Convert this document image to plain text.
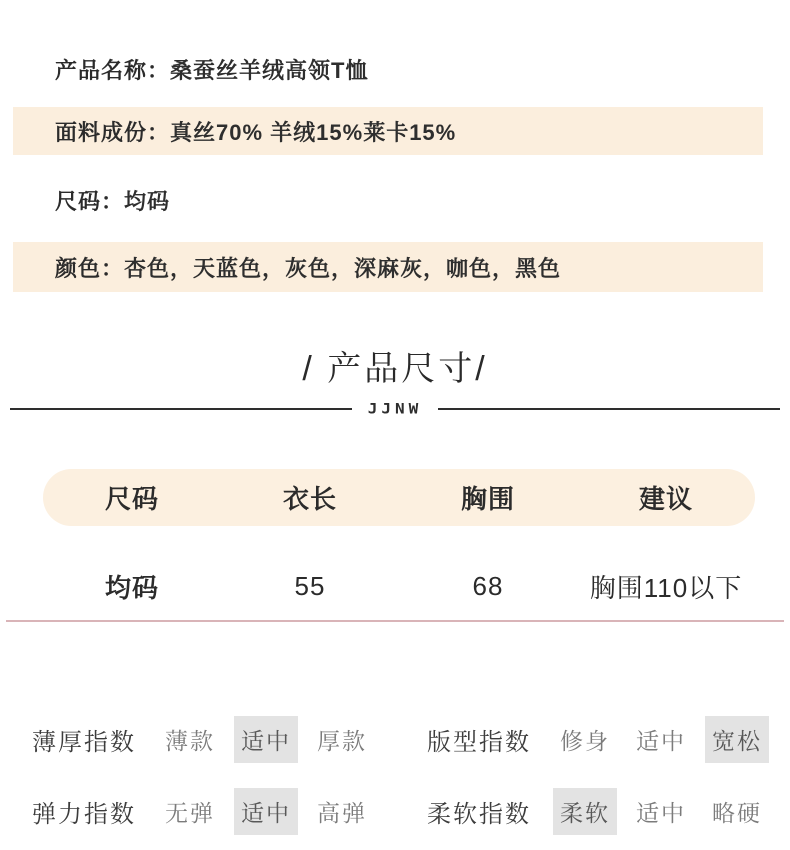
产品名称： 桑蚕丝羊绒高领T恤
面料成份： 真丝70% 羊绒15%莱卡15%
尺码： 均码
颜色： 杏色，天蓝色，灰色，深麻灰，咖色，黑色
/ 产品尺寸/
JJNW
尺码	衣长	胸围	建议
均码	55	68	胸围110以下
薄厚指数	薄款	适中	厚款	版型指数	修身	适中	宽松
弹力指数	无弹	适中	高弹	柔软指数	柔软	适中	略硬
